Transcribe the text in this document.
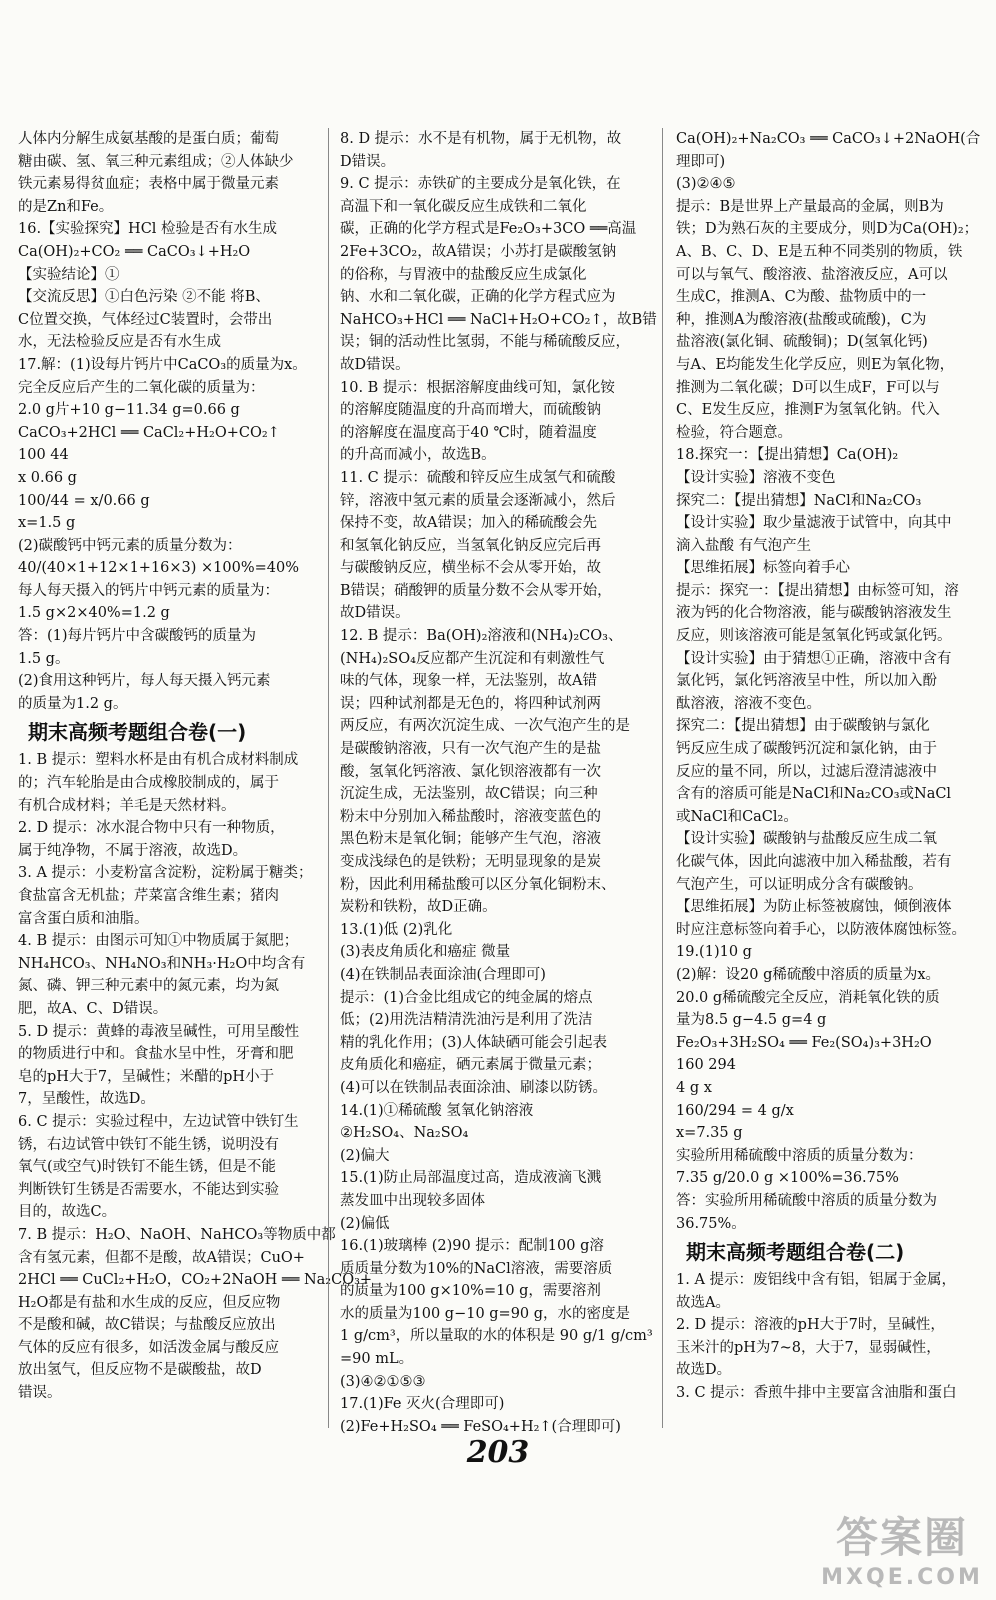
人体内分解生成氨基酸的是蛋白质；葡萄
糖由碳、氢、氧三种元素组成；②人体缺少
铁元素易得贫血症；表格中属于微量元素
的是Zn和Fe。
16.【实验探究】HCl 检验是否有水生成
Ca(OH)₂+CO₂ ══ CaCO₃↓+H₂O
【实验结论】①
【交流反思】①白色污染 ②不能 将B、
C位置交换，气体经过C装置时，会带出
水，无法检验反应是否有水生成
17.解：(1)设每片钙片中CaCO₃的质量为x。
完全反应后产生的二氧化碳的质量为：
2.0 g片+10 g−11.34 g=0.66 g
CaCO₃+2HCl ══ CaCl₂+H₂O+CO₂↑
100 44
x 0.66 g
100/44 = x/0.66 g
x=1.5 g
(2)碳酸钙中钙元素的质量分数为：
40/(40×1+12×1+16×3) ×100%=40%
每人每天摄入的钙片中钙元素的质量为：
1.5 g×2×40%=1.2 g
答：(1)每片钙片中含碳酸钙的质量为
1.5 g。
(2)食用这种钙片，每人每天摄入钙元素
的质量为1.2 g。
期末高频考题组合卷(一)
1. B 提示：塑料水杯是由有机合成材料制成
的；汽车轮胎是由合成橡胶制成的，属于
有机合成材料；羊毛是天然材料。
2. D 提示：冰水混合物中只有一种物质，
属于纯净物，不属于溶液，故选D。
3. A 提示：小麦粉富含淀粉，淀粉属于糖类；
食盐富含无机盐；芹菜富含维生素；猪肉
富含蛋白质和油脂。
4. B 提示：由图示可知①中物质属于氮肥；
NH₄HCO₃、NH₄NO₃和NH₃·H₂O中均含有
氮、磷、钾三种元素中的氮元素，均为氮
肥，故A、C、D错误。
5. D 提示：黄蜂的毒液呈碱性，可用呈酸性
的物质进行中和。食盐水呈中性，牙膏和肥
皂的pH大于7，呈碱性；米醋的pH小于
7，呈酸性，故选D。
6. C 提示：实验过程中，左边试管中铁钉生
锈，右边试管中铁钉不能生锈，说明没有
氧气(或空气)时铁钉不能生锈，但是不能
判断铁钉生锈是否需要水，不能达到实验
目的，故选C。
7. B 提示：H₂O、NaOH、NaHCO₃等物质中都
含有氢元素，但都不是酸，故A错误；CuO+
2HCl ══ CuCl₂+H₂O，CO₂+2NaOH ══ Na₂CO₃+
H₂O都是有盐和水生成的反应，但反应物
不是酸和碱，故C错误；与盐酸反应放出
气体的反应有很多，如活泼金属与酸反应
放出氢气，但反应物不是碳酸盐，故D
错误。
8. D 提示：水不是有机物，属于无机物，故
D错误。
9. C 提示：赤铁矿的主要成分是氧化铁，在
高温下和一氧化碳反应生成铁和二氧化
碳，正确的化学方程式是Fe₂O₃+3CO ══高温
2Fe+3CO₂，故A错误；小苏打是碳酸氢钠
的俗称，与胃液中的盐酸反应生成氯化
钠、水和二氧化碳，正确的化学方程式应为
NaHCO₃+HCl ══ NaCl+H₂O+CO₂↑，故B错
误；铜的活动性比氢弱，不能与稀硫酸反应，
故D错误。
10. B 提示：根据溶解度曲线可知，氯化铵
的溶解度随温度的升高而增大，而硫酸钠
的溶解度在温度高于40 ℃时，随着温度
的升高而减小，故选B。
11. C 提示：硫酸和锌反应生成氢气和硫酸
锌，溶液中氢元素的质量会逐渐减小，然后
保持不变，故A错误；加入的稀硫酸会先
和氢氧化钠反应，当氢氧化钠反应完后再
与碳酸钠反应，横坐标不会从零开始，故
B错误；硝酸钾的质量分数不会从零开始，
故D错误。
12. B 提示：Ba(OH)₂溶液和(NH₄)₂CO₃、
(NH₄)₂SO₄反应都产生沉淀和有刺激性气
味的气体，现象一样，无法鉴别，故A错
误；四种试剂都是无色的，将四种试剂两
两反应，有两次沉淀生成、一次气泡产生的是
是碳酸钠溶液，只有一次气泡产生的是盐
酸，氢氧化钙溶液、氯化钡溶液都有一次
沉淀生成，无法鉴别，故C错误；向三种
粉末中分别加入稀盐酸时，溶液变蓝色的
黑色粉末是氧化铜；能够产生气泡，溶液
变成浅绿色的是铁粉；无明显现象的是炭
粉，因此利用稀盐酸可以区分氧化铜粉末、
炭粉和铁粉，故D正确。
13.(1)低 (2)乳化
(3)表皮角质化和癌症 微量
(4)在铁制品表面涂油(合理即可)
提示：(1)合金比组成它的纯金属的熔点
低；(2)用洗洁精清洗油污是利用了洗洁
精的乳化作用；(3)人体缺硒可能会引起表
皮角质化和癌症，硒元素属于微量元素；
(4)可以在铁制品表面涂油、刷漆以防锈。
14.(1)①稀硫酸 氢氧化钠溶液
②H₂SO₄、Na₂SO₄
(2)偏大
15.(1)防止局部温度过高，造成液滴飞溅
蒸发皿中出现较多固体
(2)偏低
16.(1)玻璃棒 (2)90 提示：配制100 g溶
质质量分数为10%的NaCl溶液，需要溶质
的质量为100 g×10%=10 g，需要溶剂
水的质量为100 g−10 g=90 g，水的密度是
1 g/cm³，所以量取的水的体积是 90 g/1 g/cm³
=90 mL。
(3)④②①⑤③
17.(1)Fe 灭火(合理即可)
(2)Fe+H₂SO₄ ══ FeSO₄+H₂↑(合理即可)
Ca(OH)₂+Na₂CO₃ ══ CaCO₃↓+2NaOH(合
理即可)
(3)②④⑤
提示：B是世界上产量最高的金属，则B为
铁；D为熟石灰的主要成分，则D为Ca(OH)₂；
A、B、C、D、E是五种不同类别的物质，铁
可以与氧气、酸溶液、盐溶液反应，A可以
生成C，推测A、C为酸、盐物质中的一
种，推测A为酸溶液(盐酸或硫酸)，C为
盐溶液(氯化铜、硫酸铜)；D(氢氧化钙)
与A、E均能发生化学反应，则E为氧化物，
推测为二氧化碳；D可以生成F，F可以与
C、E发生反应，推测F为氢氧化钠。代入
检验，符合题意。
18.探究一：【提出猜想】Ca(OH)₂
【设计实验】溶液不变色
探究二：【提出猜想】NaCl和Na₂CO₃
【设计实验】取少量滤液于试管中，向其中
滴入盐酸 有气泡产生
【思维拓展】标签向着手心
提示：探究一：【提出猜想】由标签可知，溶
液为钙的化合物溶液，能与碳酸钠溶液发生
反应，则该溶液可能是氢氧化钙或氯化钙。
【设计实验】由于猜想①正确，溶液中含有
氯化钙，氯化钙溶液呈中性，所以加入酚
酞溶液，溶液不变色。
探究二：【提出猜想】由于碳酸钠与氯化
钙反应生成了碳酸钙沉淀和氯化钠，由于
反应的量不同，所以，过滤后澄清滤液中
含有的溶质可能是NaCl和Na₂CO₃或NaCl
或NaCl和CaCl₂。
【设计实验】碳酸钠与盐酸反应生成二氧
化碳气体，因此向滤液中加入稀盐酸，若有
气泡产生，可以证明成分含有碳酸钠。
【思维拓展】为防止标签被腐蚀，倾倒液体
时应注意标签向着手心，以防液体腐蚀标签。
19.(1)10 g
(2)解：设20 g稀硫酸中溶质的质量为x。
20.0 g稀硫酸完全反应，消耗氧化铁的质
量为8.5 g−4.5 g=4 g
Fe₂O₃+3H₂SO₄ ══ Fe₂(SO₄)₃+3H₂O
160 294
4 g x
160/294 = 4 g/x
x=7.35 g
实验所用稀硫酸中溶质的质量分数为：
7.35 g/20.0 g ×100%=36.75%
答：实验所用稀硫酸中溶质的质量分数为
36.75%。
期末高频考题组合卷(二)
1. A 提示：废铝线中含有铝，铝属于金属，
故选A。
2. D 提示：溶液的pH大于7时，呈碱性，
玉米汁的pH为7~8，大于7，显弱碱性，
故选D。
3. C 提示：香煎牛排中主要富含油脂和蛋白
203
答案圈
MXQE.COM
